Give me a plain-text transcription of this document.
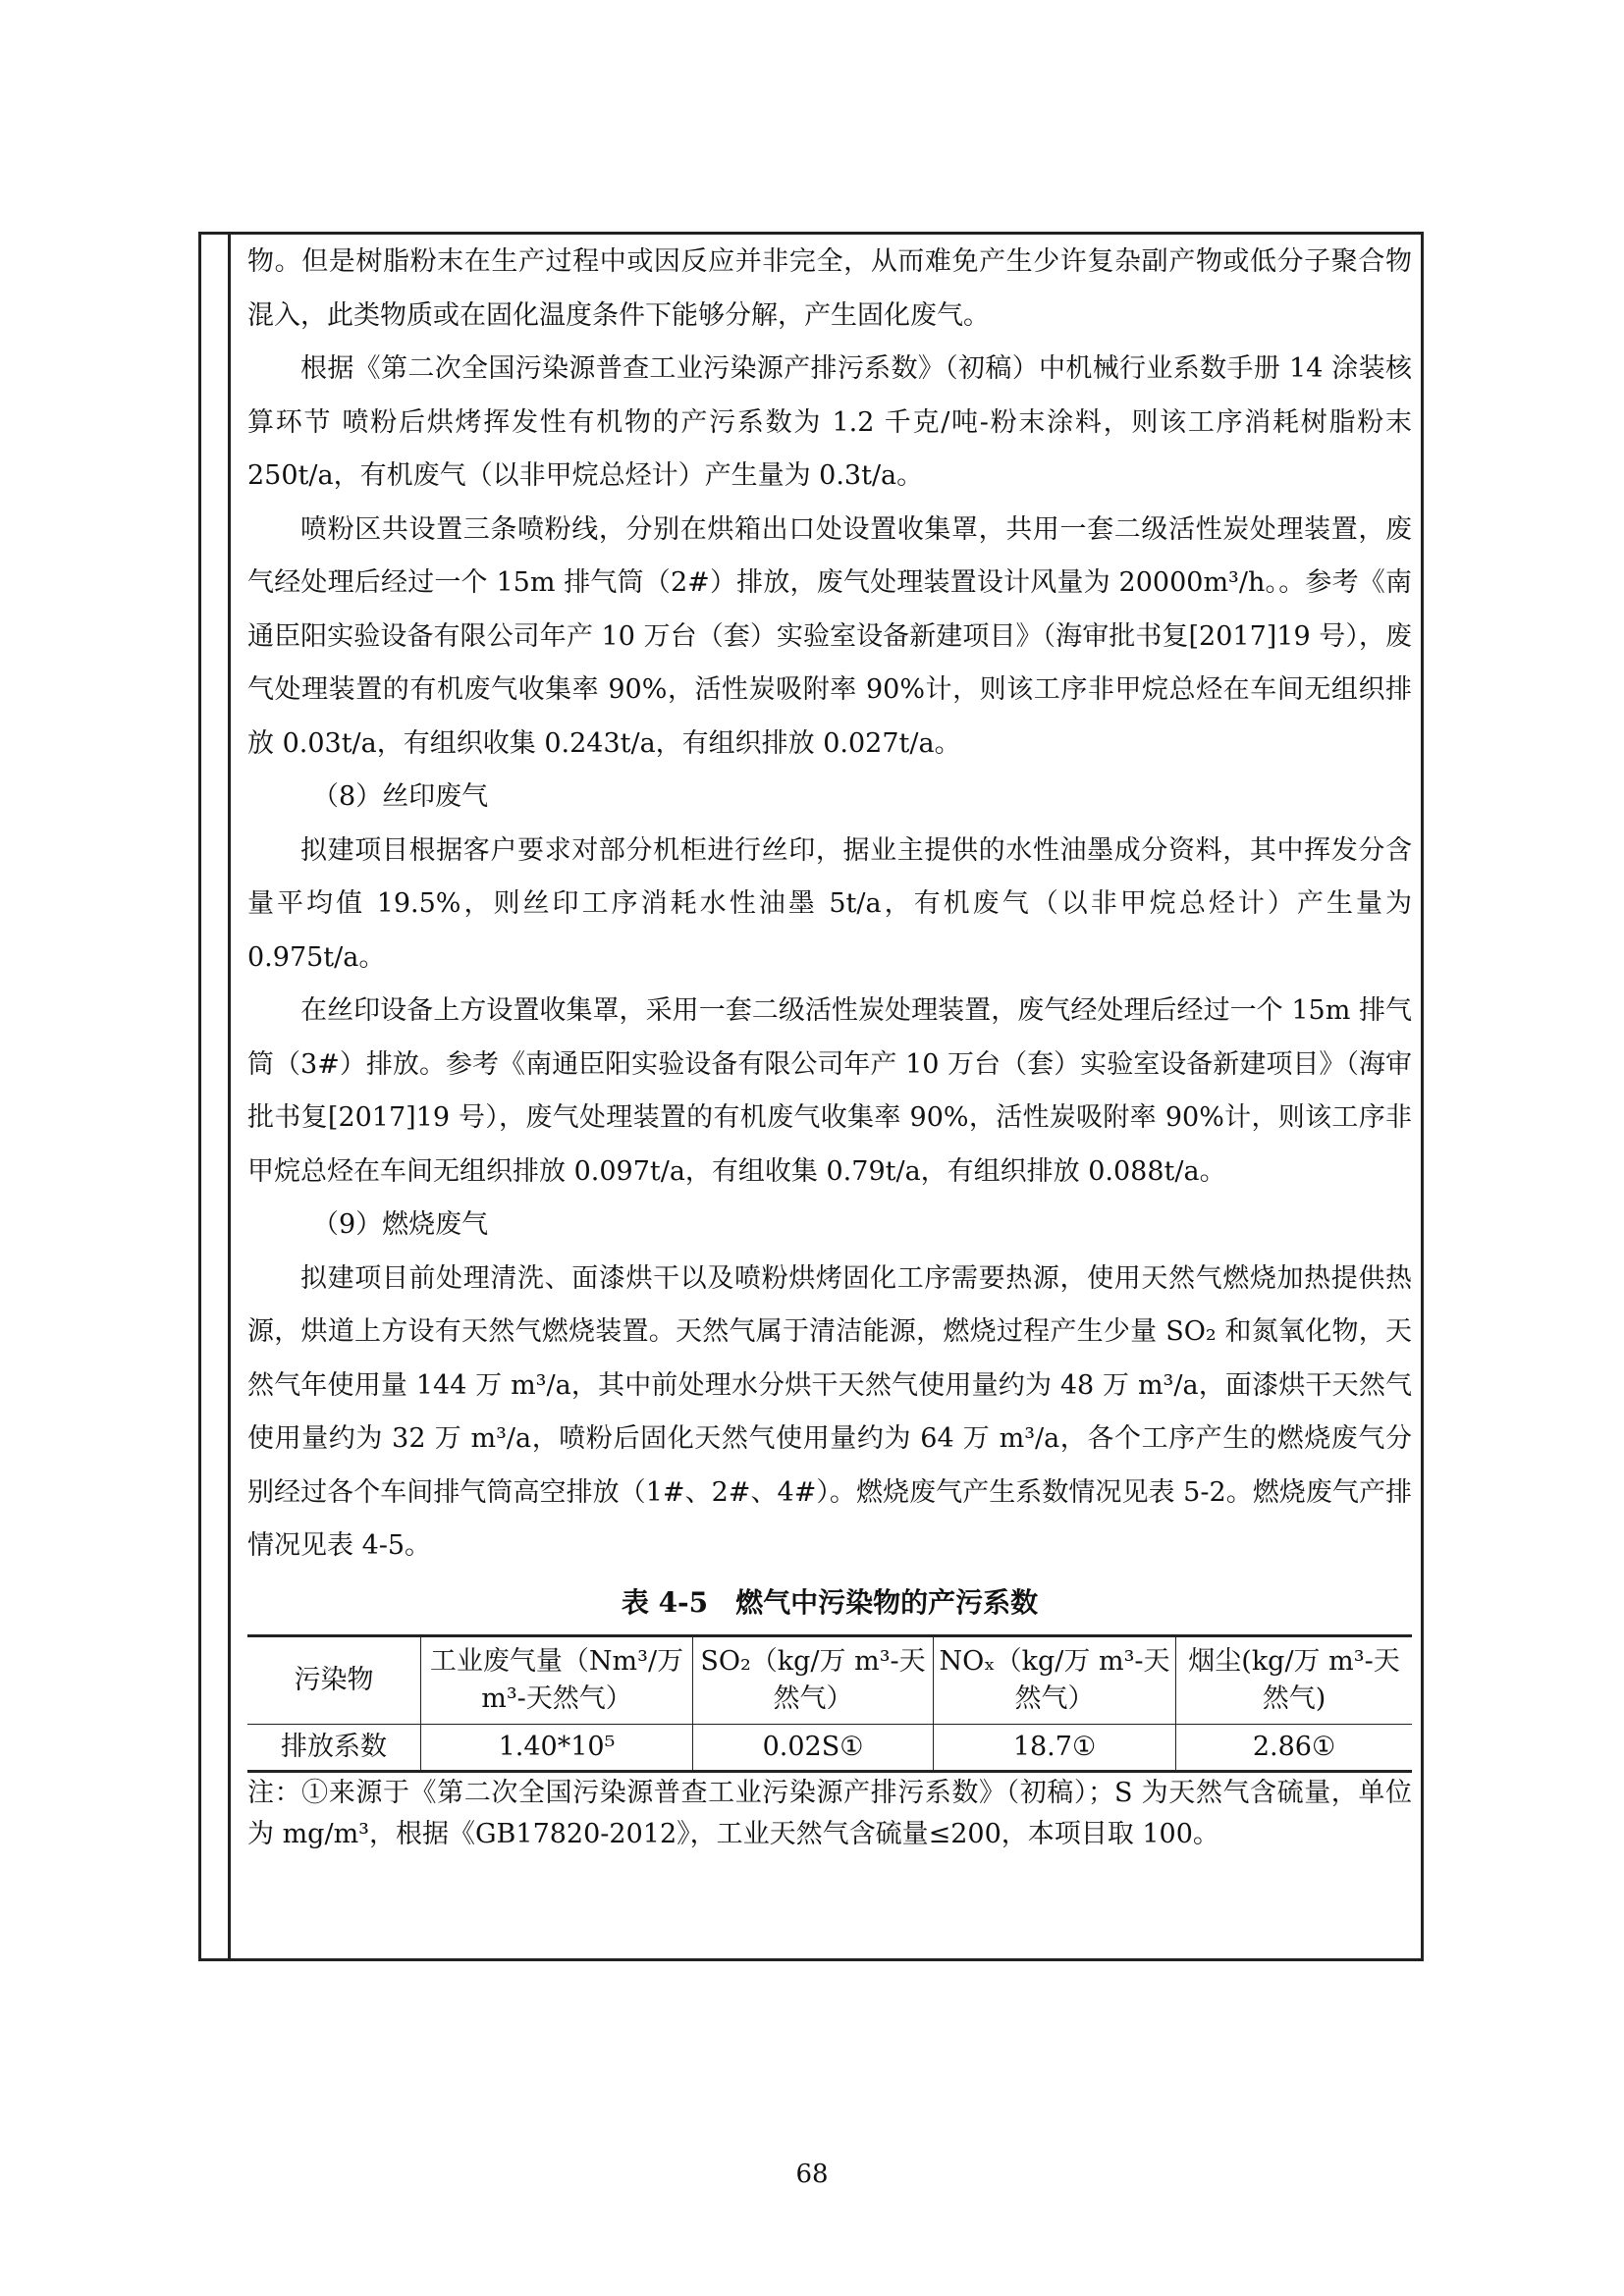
物。但是树脂粉末在生产过程中或因反应并非完全，从而难免产生少许复杂副产物或低分子聚合物混入，此类物质或在固化温度条件下能够分解，产生固化废气。

根据《第二次全国污染源普查工业污染源产排污系数》（初稿）中机械行业系数手册 14 涂装核算环节 喷粉后烘烤挥发性有机物的产污系数为 1.2 千克/吨-粉末涂料，则该工序消耗树脂粉末 250t/a，有机废气（以非甲烷总烃计）产生量为 0.3t/a。

喷粉区共设置三条喷粉线，分别在烘箱出口处设置收集罩，共用一套二级活性炭处理装置，废气经处理后经过一个 15m 排气筒（2#）排放，废气处理装置设计风量为 20000m³/h。。参考《南通臣阳实验设备有限公司年产 10 万台（套）实验室设备新建项目》（海审批书复[2017]19 号），废气处理装置的有机废气收集率 90%，活性炭吸附率 90%计，则该工序非甲烷总烃在车间无组织排放 0.03t/a，有组织收集 0.243t/a，有组织排放 0.027t/a。

（8）丝印废气

拟建项目根据客户要求对部分机柜进行丝印，据业主提供的水性油墨成分资料，其中挥发分含量平均值 19.5%，则丝印工序消耗水性油墨 5t/a，有机废气（以非甲烷总烃计）产生量为 0.975t/a。

在丝印设备上方设置收集罩，采用一套二级活性炭处理装置，废气经处理后经过一个 15m 排气筒（3#）排放。参考《南通臣阳实验设备有限公司年产 10 万台（套）实验室设备新建项目》（海审批书复[2017]19 号），废气处理装置的有机废气收集率 90%，活性炭吸附率 90%计，则该工序非甲烷总烃在车间无组织排放 0.097t/a，有组收集 0.79t/a，有组织排放 0.088t/a。

（9）燃烧废气

拟建项目前处理清洗、面漆烘干以及喷粉烘烤固化工序需要热源，使用天然气燃烧加热提供热源，烘道上方设有天然气燃烧装置。天然气属于清洁能源，燃烧过程产生少量 SO₂ 和氮氧化物，天然气年使用量 144 万 m³/a，其中前处理水分烘干天然气使用量约为 48 万 m³/a，面漆烘干天然气使用量约为 32 万 m³/a，喷粉后固化天然气使用量约为 64 万 m³/a，各个工序产生的燃烧废气分别经过各个车间排气筒高空排放（1#、2#、4#）。燃烧废气产生系数情况见表 5-2。燃烧废气产排情况见表 4-5。

表 4-5　燃气中污染物的产污系数
污染物	工业废气量（Nm³/万 m³-天然气）	SO₂（kg/万 m³-天然气）	NOₓ（kg/万 m³-天然气）	烟尘(kg/万 m³-天然气)
排放系数	1.40*10⁵	0.02S①	18.7①	2.86①

注：①来源于《第二次全国污染源普查工业污染源产排污系数》（初稿）；S 为天然气含硫量，单位为 mg/m³，根据《GB17820-2012》，工业天然气含硫量≤200，本项目取 100。

68
